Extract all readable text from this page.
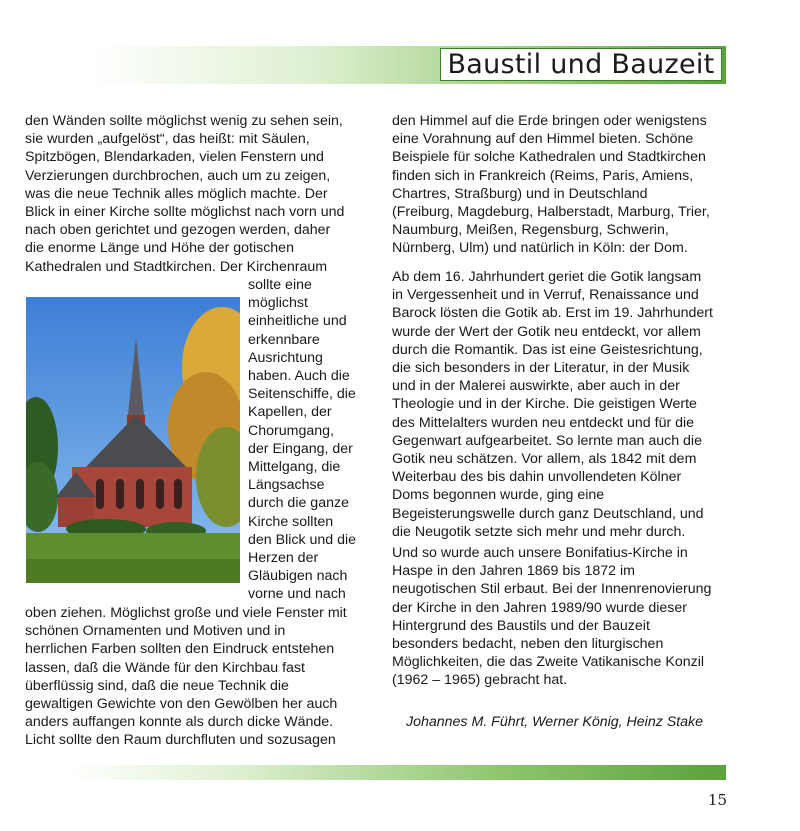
Baustil und Bauzeit
den Wänden sollte möglichst wenig zu sehen sein,
sie wurden „aufgelöst“, das heißt: mit Säulen,
Spitzbögen, Blendarkaden, vielen Fenstern und
Verzierungen durchbrochen, auch um zu zeigen,
was die neue Technik alles möglich machte. Der
Blick in einer Kirche sollte möglichst nach vorn und
nach oben gerichtet und gezogen werden, daher
die enorme Länge und Höhe der gotischen
Kathedralen und Stadtkirchen. Der Kirchenraum
sollte eine
möglichst
einheitliche und
erkennbare
Ausrichtung
haben. Auch die
Seitenschiffe, die
Kapellen, der
Chorumgang,
der Eingang, der
Mittelgang, die
Längsachse
durch die ganze
Kirche sollten
den Blick und die
Herzen der
Gläubigen nach
vorne und nach
oben ziehen. Möglichst große und viele Fenster mit
schönen Ornamenten und Motiven und in
herrlichen Farben sollten den Eindruck entstehen
lassen, daß die Wände für den Kirchbau fast
überflüssig sind, daß die neue Technik die
gewaltigen Gewichte von den Gewölben her auch
anders auffangen konnte als durch dicke Wände.
Licht sollte den Raum durchfluten und sozusagen
den Himmel auf die Erde bringen oder wenigstens
eine Vorahnung auf den Himmel bieten. Schöne
Beispiele für solche Kathedralen und Stadtkirchen
finden sich in Frankreich (Reims, Paris, Amiens,
Chartres, Straßburg) und in Deutschland
(Freiburg, Magdeburg, Halberstadt, Marburg, Trier,
Naumburg, Meißen, Regensburg, Schwerin,
Nürnberg, Ulm) und natürlich in Köln: der Dom.
Ab dem 16. Jahrhundert geriet die Gotik langsam
in Vergessenheit und in Verruf, Renaissance und
Barock lösten die Gotik ab. Erst im 19. Jahrhundert
wurde der Wert der Gotik neu entdeckt, vor allem
durch die Romantik. Das ist eine Geistesrichtung,
die sich besonders in der Literatur, in der Musik
und in der Malerei auswirkte, aber auch in der
Theologie und in der Kirche. Die geistigen Werte
des Mittelalters wurden neu entdeckt und für die
Gegenwart aufgearbeitet. So lernte man auch die
Gotik neu schätzen. Vor allem, als 1842 mit dem
Weiterbau des bis dahin unvollendeten Kölner
Doms begonnen wurde, ging eine
Begeisterungswelle durch ganz Deutschland, und
die Neugotik setzte sich mehr und mehr durch.
Und so wurde auch unsere Bonifatius-Kirche in
Haspe in den Jahren 1869 bis 1872 im
neugotischen Stil erbaut. Bei der Innenrenovierung
der Kirche in den Jahren 1989/90 wurde dieser
Hintergrund des Baustils und der Bauzeit
besonders bedacht, neben den liturgischen
Möglichkeiten, die das Zweite Vatikanische Konzil
(1962 – 1965) gebracht hat.
Johannes M. Führt, Werner König, Heinz Stake
15
